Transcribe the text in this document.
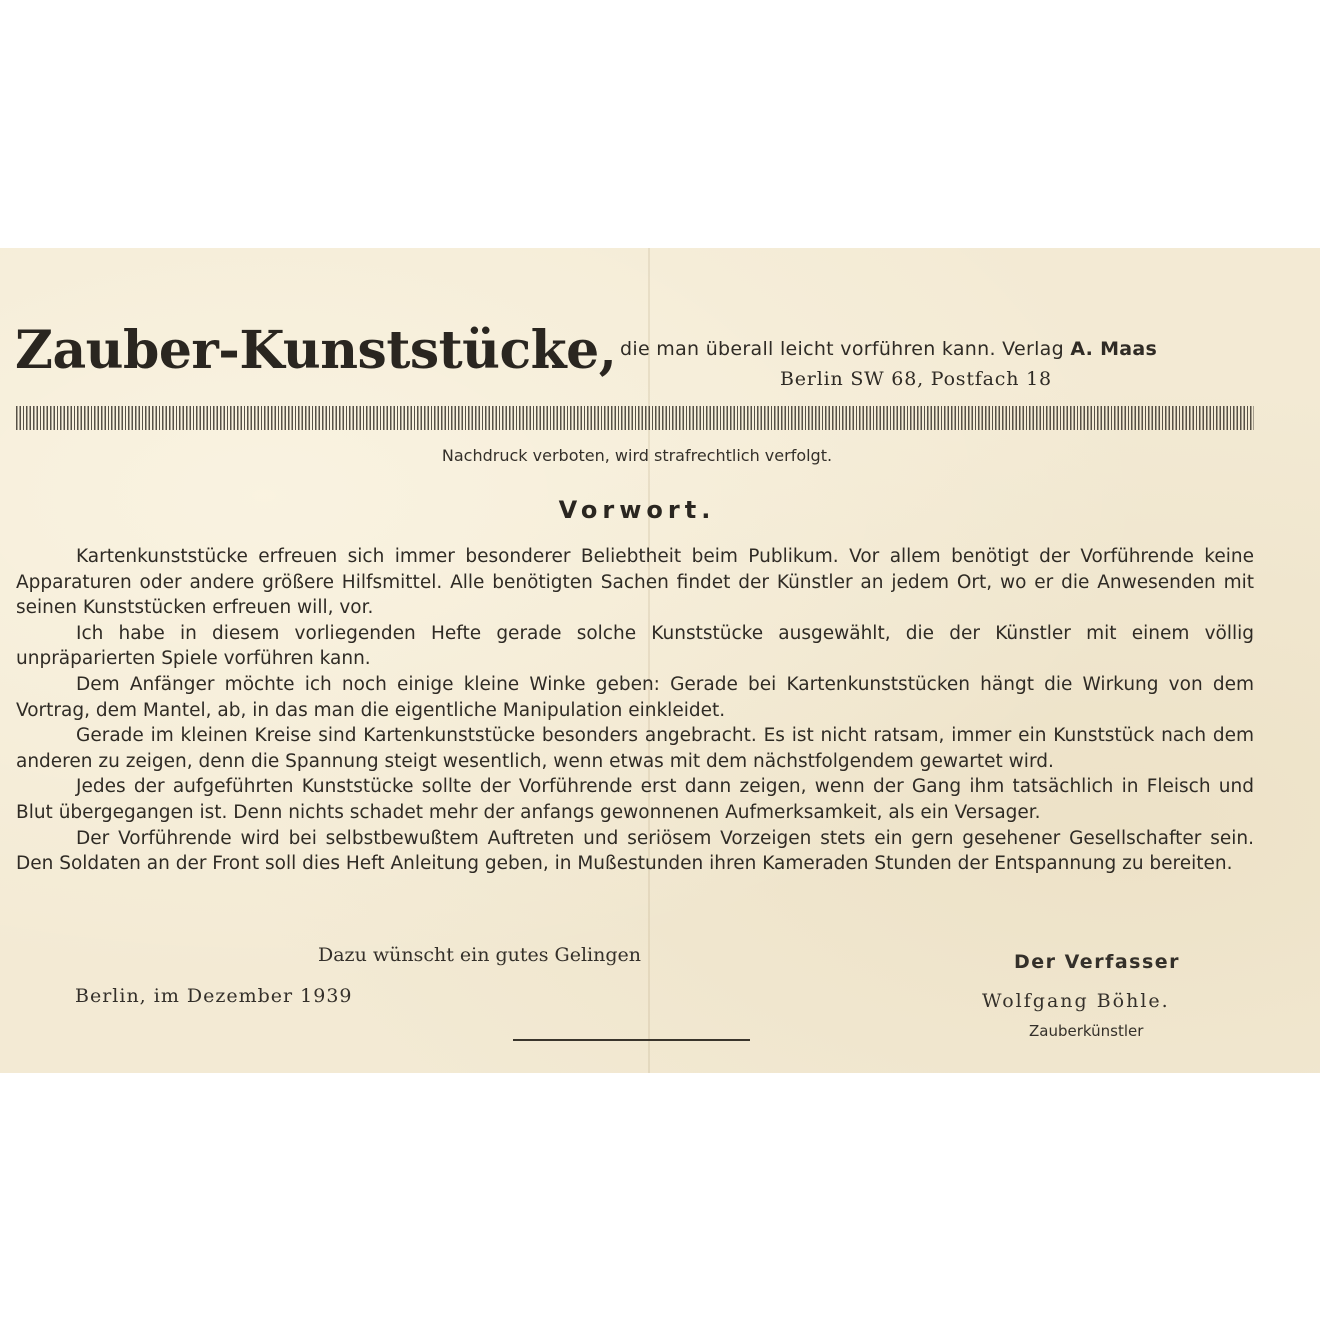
Zauber-Kunststücke, die man überall leicht vorführen kann. Verlag A. Maas
Berlin SW 68, Postfach 18
Nachdruck verboten, wird strafrechtlich verfolgt.
Vorwort.

Kartenkunststücke erfreuen sich immer besonderer Beliebtheit beim Publikum. Vor allem benötigt der Vorführende keine Apparaturen oder andere größere Hilfsmittel. Alle benötigten Sachen findet der Künstler an jedem Ort, wo er die Anwesenden mit seinen Kunststücken erfreuen will, vor.

Ich habe in diesem vorliegenden Hefte gerade solche Kunststücke ausgewählt, die der Künstler mit einem völlig unpräparierten Spiele vorführen kann.

Dem Anfänger möchte ich noch einige kleine Winke geben: Gerade bei Kartenkunststücken hängt die Wirkung von dem Vortrag, dem Mantel, ab, in das man die eigentliche Manipulation einkleidet.

Gerade im kleinen Kreise sind Kartenkunststücke besonders angebracht. Es ist nicht ratsam, immer ein Kunststück nach dem anderen zu zeigen, denn die Spannung steigt wesentlich, wenn etwas mit dem nächstfolgendem gewartet wird.

Jedes der aufgeführten Kunststücke sollte der Vorführende erst dann zeigen, wenn der Gang ihm tatsächlich in Fleisch und Blut übergegangen ist. Denn nichts schadet mehr der anfangs gewonnenen Aufmerksamkeit, als ein Versager.

Der Vorführende wird bei selbstbewußtem Auftreten und seriösem Vorzeigen stets ein gern gesehener Gesellschafter sein. Den Soldaten an der Front soll dies Heft Anleitung geben, in Mußestunden ihren Kameraden Stunden der Entspannung zu bereiten.

Dazu wünscht ein gutes Gelingen
Berlin, im Dezember 1939
Der Verfasser
Wolfgang Böhle.
Zauberkünstler
